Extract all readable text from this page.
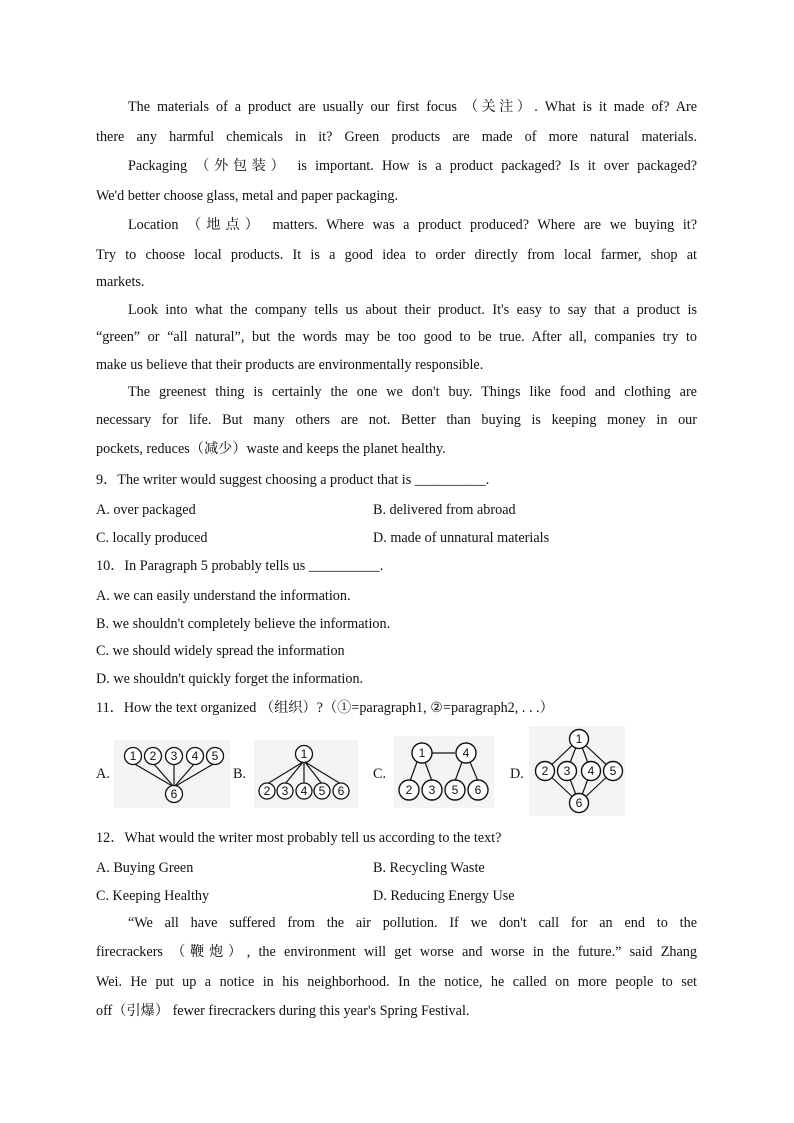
The materials of a product are usually our first focus （关注）. What is it made of? Are
there any harmful chemicals in it? Green products are made of more natural materials.
Packaging （外包装） is important. How is a product packaged? Is it over packaged?
We'd better choose glass, metal and paper packaging.
Location （地点） matters. Where was a product produced? Where are we buying it?
Try to choose local products. It is a good idea to order directly from local farmer, shop at
markets.
Look into what the company tells us about their product. It's easy to say that a product is
“green” or “all natural”, but the words may be too good to be true. After all, companies try to
make us believe that their products are environmentally responsible.
The greenest thing is certainly the one we don't buy. Things like food and clothing are
necessary for life. But many others are not. Better than buying is keeping money in our
pockets, reduces（减少）waste and keeps the planet healthy.
9．The writer would suggest choosing a product that is __________.
A. over packaged	B. delivered from abroad
C. locally produced	D. made of unnatural materials
10．In Paragraph 5 probably tells us __________.
A. we can easily understand the information.
B. we shouldn't completely believe the information.
C. we should widely spread the information
D. we shouldn't quickly forget the information.
11．How the text organized （组织）?（①=paragraph1, ②=paragraph2, . . .）
A.
1 2 3 4 5
6
B.
1
2 3 4 5 6
C.
1	4
2 3 5 6
D.
1
2 3 4 5
6
12．What would the writer most probably tell us according to the text?
A. Buying Green	B. Recycling Waste
C. Keeping Healthy	D. Reducing Energy Use
“We all have suffered from the air pollution. If we don't call for an end to the
firecrackers （鞭炮）, the environment will get worse and worse in the future.” said Zhang
Wei. He put up a notice in his neighborhood. In the notice, he called on more people to set
off（引爆） fewer firecrackers during this year's Spring Festival.
